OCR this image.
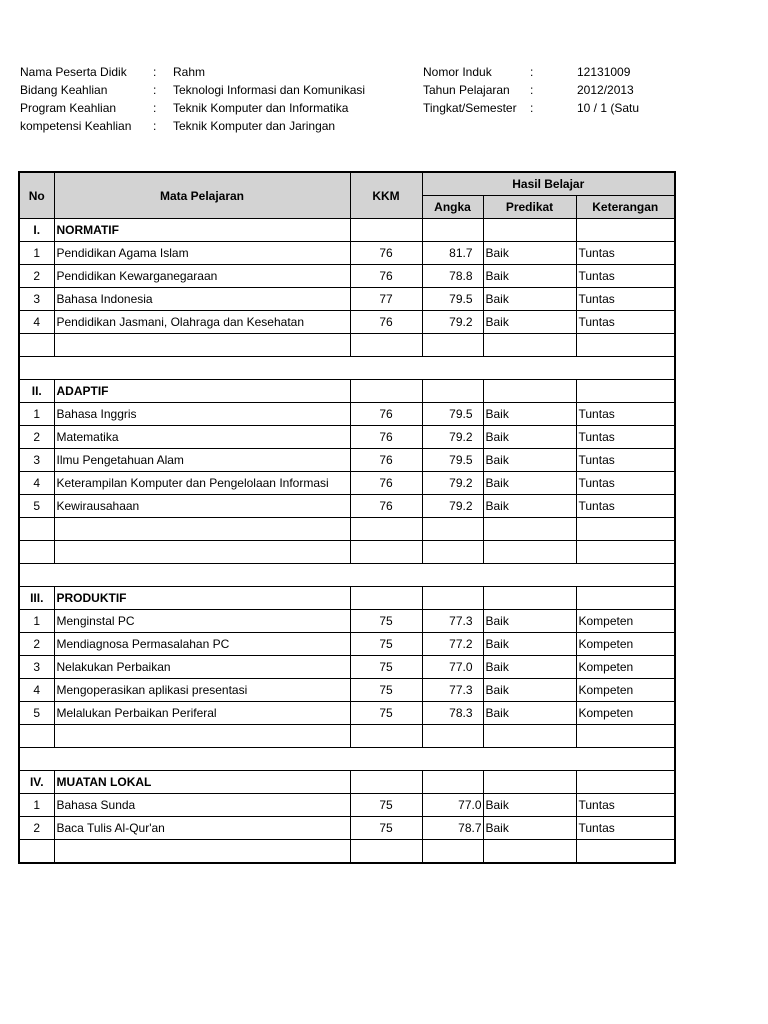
Nama Peserta Didik : Rahm	Nomor Induk	:	12131009
Bidang Keahlian	: Teknologi Informasi dan Komunikasi	Tahun Pelajaran :	2012/2013
Program Keahlian	: Teknik Komputer dan Informatika	Tingkat/Semester :	10 / 1 (Satu
kompetensi Keahlian : Teknik Komputer dan Jaringan
No	Mata Pelajaran	KKM	Hasil Belajar		
			Angka	Predikat	Keterangan
I.	NORMATIF				
1	Pendidikan Agama Islam	76	81.7	Baik	Tuntas
2	Pendidikan Kewarganegaraan	76	78.8	Baik	Tuntas
3	Bahasa Indonesia	77	79.5	Baik	Tuntas
4	Pendidikan Jasmani, Olahraga dan Kesehatan	76	79.2	Baik	Tuntas

II.	ADAPTIF				
1	Bahasa Inggris	76	79.5	Baik	Tuntas
2	Matematika	76	79.2	Baik	Tuntas
3	Ilmu Pengetahuan Alam	76	79.5	Baik	Tuntas
4	Keterampilan Komputer dan Pengelolaan Informasi	76	79.2	Baik	Tuntas
5	Kewirausahaan	76	79.2	Baik	Tuntas

III.	PRODUKTIF				
1	Menginstal PC	75	77.3	Baik	Kompeten
2	Mendiagnosa Permasalahan PC	75	77.2	Baik	Kompeten
3	Nelakukan Perbaikan	75	77.0	Baik	Kompeten
4	Mengoperasikan aplikasi presentasi	75	77.3	Baik	Kompeten
5	Melalukan Perbaikan Periferal	75	78.3	Baik	Kompeten

IV.	MUATAN LOKAL				
1	Bahasa Sunda	75	77.0	Baik	Tuntas
2	Baca Tulis Al-Qur'an	75	78.7	Baik	Tuntas
